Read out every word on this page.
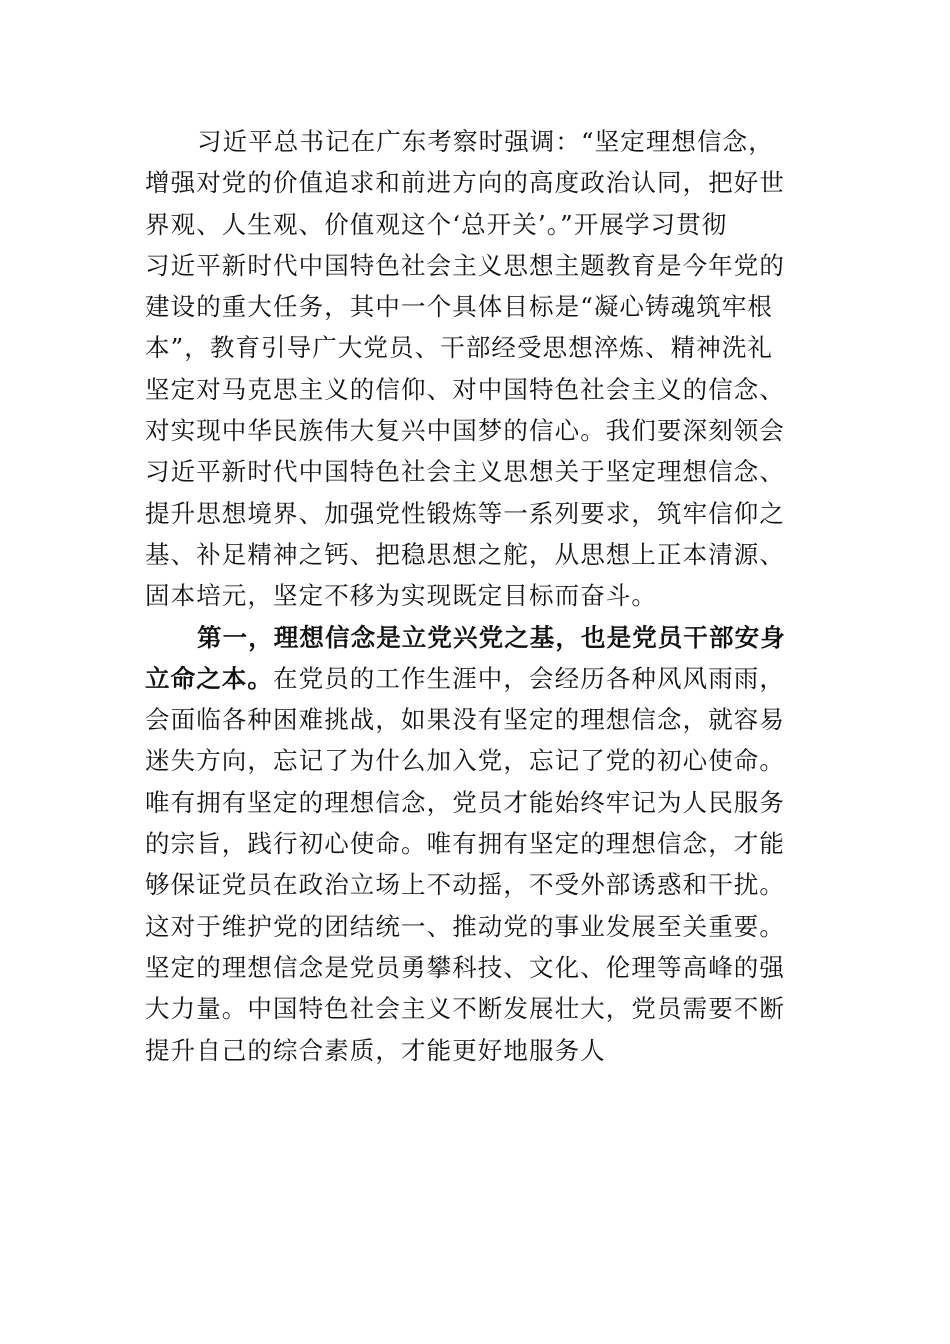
习近平总书记在广东考察时强调：“坚定理想信念，
增强对党的价值追求和前进方向的高度政治认同，把好世
界观、人生观、价值观这个‘总开关’。”开展学习贯彻
习近平新时代中国特色社会主义思想主题教育是今年党的
建设的重大任务，其中一个具体目标是“凝心铸魂筑牢根
本”，教育引导广大党员、干部经受思想淬炼、精神洗礼
坚定对马克思主义的信仰、对中国特色社会主义的信念、
对实现中华民族伟大复兴中国梦的信心。我们要深刻领会
习近平新时代中国特色社会主义思想关于坚定理想信念、
提升思想境界、加强党性锻炼等一系列要求，筑牢信仰之
基、补足精神之钙、把稳思想之舵，从思想上正本清源、
固本培元，坚定不移为实现既定目标而奋斗。
第一，理想信念是立党兴党之基，也是党员干部安身
立命之本。在党员的工作生涯中，会经历各种风风雨雨，
会面临各种困难挑战，如果没有坚定的理想信念，就容易
迷失方向，忘记了为什么加入党，忘记了党的初心使命。
唯有拥有坚定的理想信念，党员才能始终牢记为人民服务
的宗旨，践行初心使命。唯有拥有坚定的理想信念，才能
够保证党员在政治立场上不动摇，不受外部诱惑和干扰。
这对于维护党的团结统一、推动党的事业发展至关重要。
坚定的理想信念是党员勇攀科技、文化、伦理等高峰的强
大力量。中国特色社会主义不断发展壮大，党员需要不断
提升自己的综合素质，才能更好地服务人
